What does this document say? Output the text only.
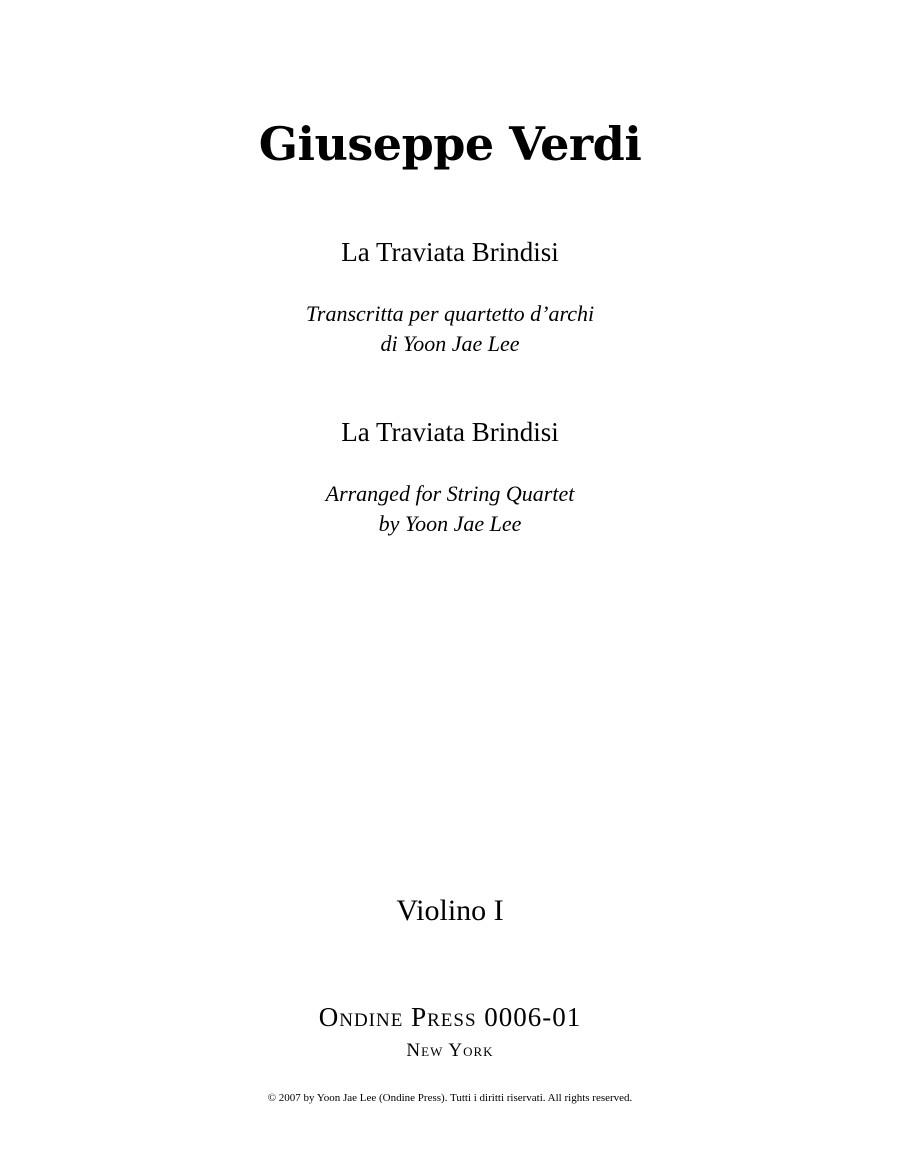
Giuseppe Verdi
La Traviata Brindisi
Transcritta per quartetto d’archi
di Yoon Jae Lee
La Traviata Brindisi
Arranged for String Quartet
by Yoon Jae Lee
Violino I
Ondine Press 0006-01
New York
© 2007 by Yoon Jae Lee (Ondine Press). Tutti i diritti riservati. All rights reserved.
